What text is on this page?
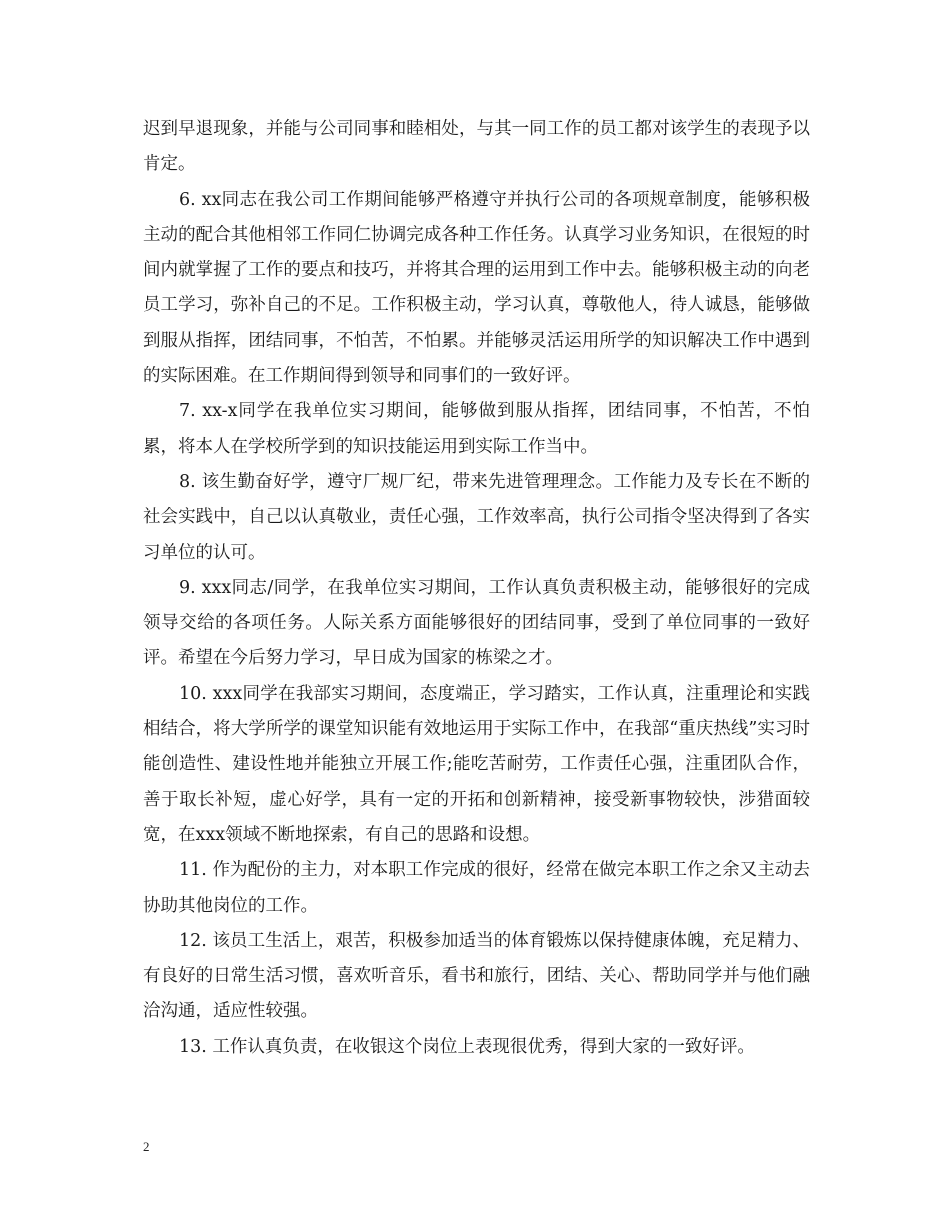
迟到早退现象，并能与公司同事和睦相处，与其一同工作的员工都对该学生的表现予以肯定。

6. xx同志在我公司工作期间能够严格遵守并执行公司的各项规章制度，能够积极主动的配合其他相邻工作同仁协调完成各种工作任务。认真学习业务知识，在很短的时间内就掌握了工作的要点和技巧，并将其合理的运用到工作中去。能够积极主动的向老员工学习，弥补自己的不足。工作积极主动，学习认真，尊敬他人，待人诚恳，能够做到服从指挥，团结同事，不怕苦，不怕累。并能够灵活运用所学的知识解决工作中遇到的实际困难。在工作期间得到领导和同事们的一致好评。

7. xx-x同学在我单位实习期间，能够做到服从指挥，团结同事，不怕苦，不怕累，将本人在学校所学到的知识技能运用到实际工作当中。

8. 该生勤奋好学，遵守厂规厂纪，带来先进管理理念。工作能力及专长在不断的社会实践中，自己以认真敬业，责任心强，工作效率高，执行公司指令坚决得到了各实习单位的认可。

9. xxx同志/同学，在我单位实习期间，工作认真负责积极主动，能够很好的完成领导交给的各项任务。人际关系方面能够很好的团结同事，受到了单位同事的一致好评。希望在今后努力学习，早日成为国家的栋梁之才。

10. xxx同学在我部实习期间，态度端正，学习踏实，工作认真，注重理论和实践相结合，将大学所学的课堂知识能有效地运用于实际工作中，在我部“重庆热线”实习时能创造性、建设性地并能独立开展工作;能吃苦耐劳，工作责任心强，注重团队合作，善于取长补短，虚心好学，具有一定的开拓和创新精神，接受新事物较快，涉猎面较宽，在xxx领域不断地探索，有自己的思路和设想。

11. 作为配份的主力，对本职工作完成的很好，经常在做完本职工作之余又主动去协助其他岗位的工作。

12. 该员工生活上，艰苦，积极参加适当的体育锻炼以保持健康体魄，充足精力、有良好的日常生活习惯，喜欢听音乐，看书和旅行，团结、关心、帮助同学并与他们融洽沟通，适应性较强。

13. 工作认真负责，在收银这个岗位上表现很优秀，得到大家的一致好评。

2
